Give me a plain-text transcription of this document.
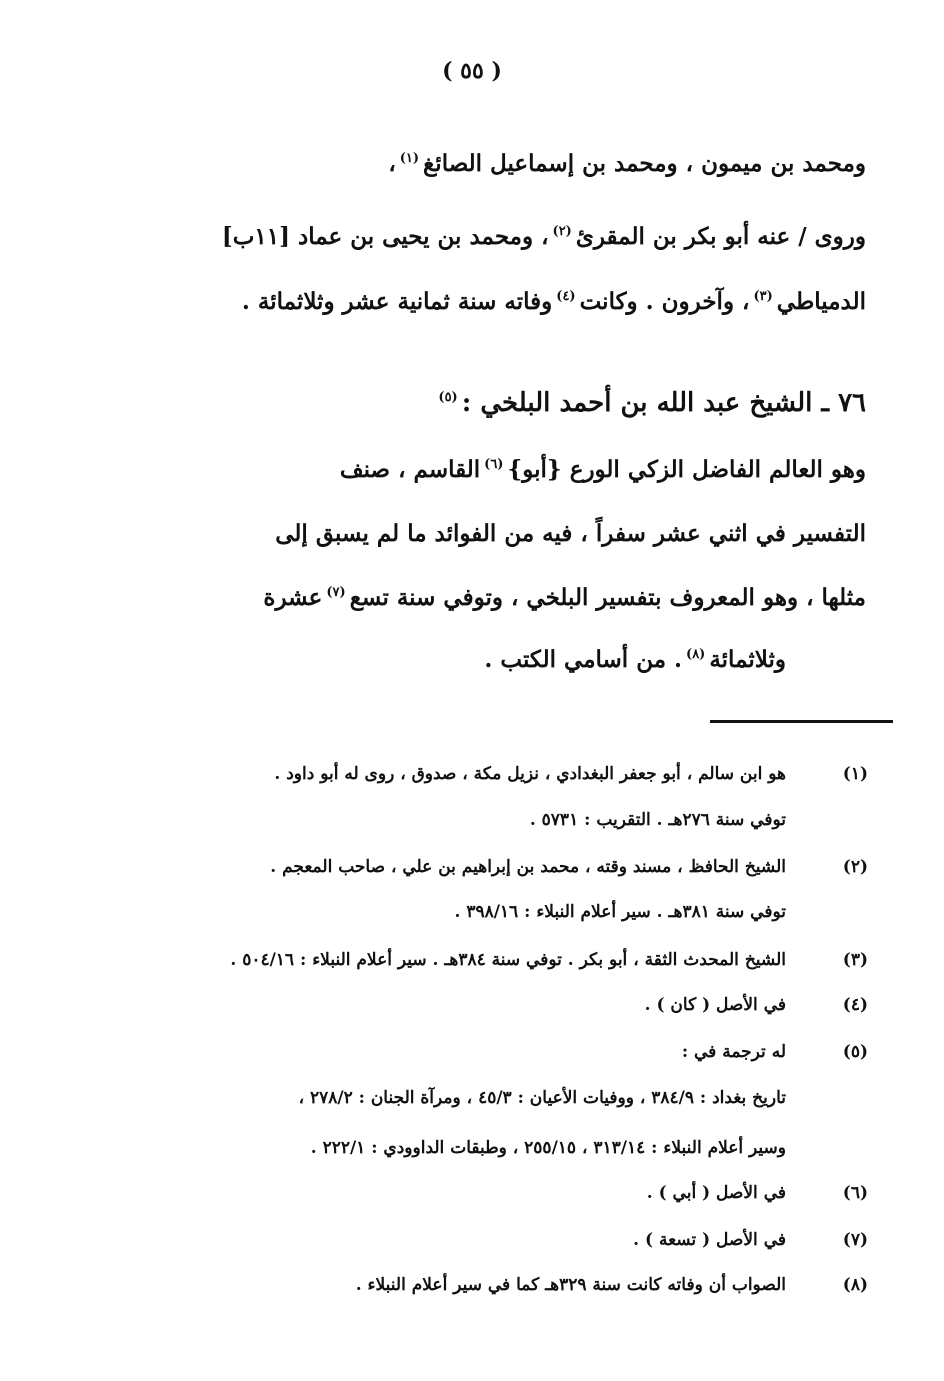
( ٥٥ )
ومحمد بن ميمون ، ومحمد بن إسماعيل الصائغ(١)،
وروى / عنه أبو بكر بن المقرئ(٢)، ومحمد بن يحيى بن عماد [١١ب]
الدمياطي(٣)، وآخرون . وكانت(٤)وفاته سنة ثمانية عشر وثلاثمائة .
٧٦ ـ الشيخ عبد الله بن أحمد البلخي :$^{(٥)}$
وهو العالم الفاضل الزكي الورع {أبو}(٦)القاسم ، صنف
التفسير في اثني عشر سفراً ، فيه من الفوائد ما لم يسبق إلى
مثلها ، وهو المعروف بتفسير البلخي ، وتوفي سنة تسع(٧)عشرة
وثلاثمائة(٨). من أسامي الكتب .
(١)
هو ابن سالم ، أبو جعفر البغدادي ، نزيل مكة ، صدوق ، روى له أبو داود .
توفي سنة ٢٧٦هـ . التقريب : ٥٧٣١ .
(٢)
الشيخ الحافظ ، مسند وقته ، محمد بن إبراهيم بن علي ، صاحب المعجم .
توفي سنة ٣٨١هـ . سير أعلام النبلاء : ٣٩٨/١٦ .
(٣)
الشيخ المحدث الثقة ، أبو بكر . توفي سنة ٣٨٤هـ . سير أعلام النبلاء : ٥٠٤/١٦ .
(٤)
في الأصل ( كان ) .
(٥)
له ترجمة في :
تاريخ بغداد : ٣٨٤/٩ ، ووفيات الأعيان : ٤٥/٣ ، ومرآة الجنان : ٢٧٨/٢ ،
وسير أعلام النبلاء : ٣١٣/١٤ ، ٢٥٥/١٥ ، وطبقات الداوودي : ٢٢٢/١ .
(٦)
في الأصل ( أبي ) .
(٧)
في الأصل ( تسعة ) .
(٨)
الصواب أن وفاته كانت سنة ٣٢٩هـ كما في سير أعلام النبلاء .
